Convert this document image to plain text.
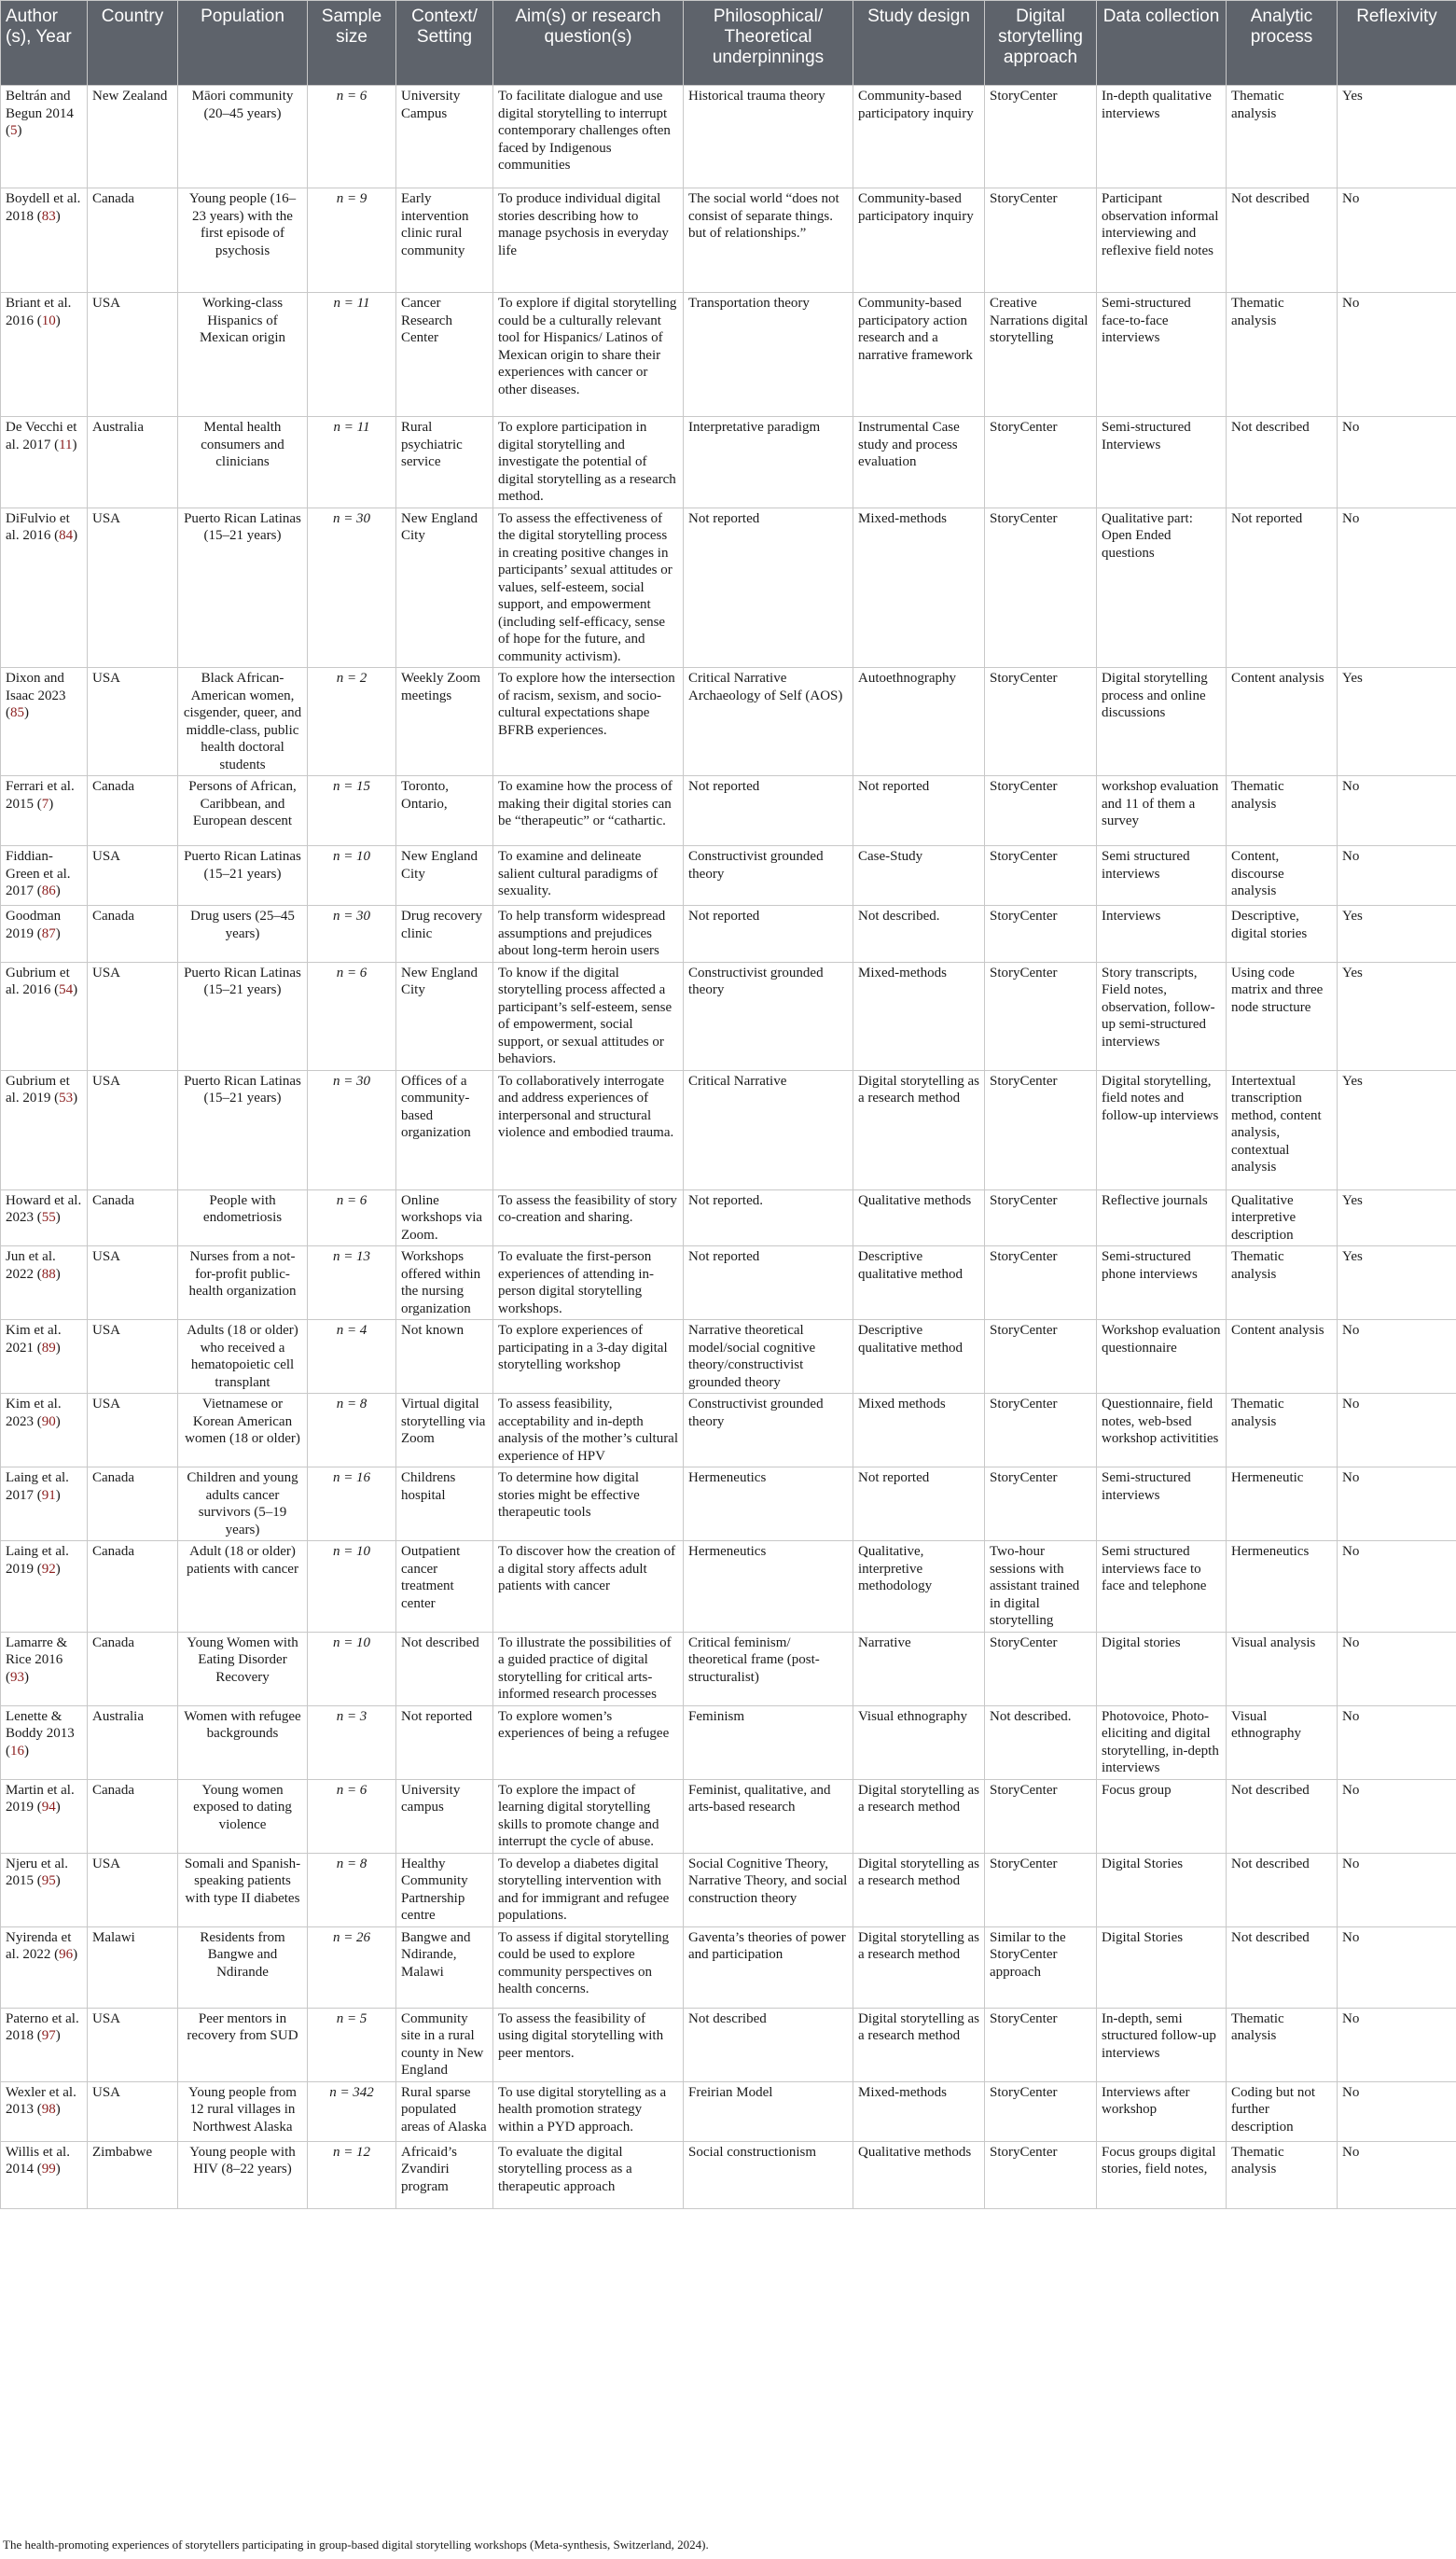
Author (s), Year	Country	Population	Sample size	Context/ Setting	Aim(s) or research question(s)	Philosophical/ Theoretical underpinnings	Study design	Digital storytelling approach	Data collection	Analytic process	Reflexivity
Beltrán and Begun 2014 (5)	New Zealand	Māori community (20–45 years)	n = 6	University Campus	To facilitate dialogue and use digital storytelling to interrupt contemporary challenges often faced by Indigenous communities	Historical trauma theory	Community-based participatory inquiry	StoryCenter	In-depth qualitative interviews	Thematic analysis	Yes
Boydell et al. 2018 (83)	Canada	Young people (16–23 years) with the first episode of psychosis	n = 9	Early intervention clinic rural community	To produce individual digital stories describing how to manage psychosis in everyday life	The social world “does not consist of separate things. but of relationships.”	Community-based participatory inquiry	StoryCenter	Participant observation informal interviewing and reflexive field notes	Not described	No
Briant et al. 2016 (10)	USA	Working-class Hispanics of Mexican origin	n = 11	Cancer Research Center	To explore if digital storytelling could be a culturally relevant tool for Hispanics/ Latinos of Mexican origin to share their experiences with cancer or other diseases.	Transportation theory	Community-based participatory action research and a narrative framework	Creative Narrations digital storytelling	Semi-structured face-to-face interviews	Thematic analysis	No
De Vecchi et al. 2017 (11)	Australia	Mental health consumers and clinicians	n = 11	Rural psychiatric service	To explore participation in digital storytelling and investigate the potential of digital storytelling as a research method.	Interpretative paradigm	Instrumental Case study and process evaluation	StoryCenter	Semi-structured Interviews	Not described	No
DiFulvio et al. 2016 (84)	USA	Puerto Rican Latinas (15–21 years)	n = 30	New England City	To assess the effectiveness of the digital storytelling process in creating positive changes in participants’ sexual attitudes or values, self-esteem, social support, and empowerment (including self-efficacy, sense of hope for the future, and community activism).	Not reported	Mixed-methods	StoryCenter	Qualitative part: Open Ended questions	Not reported	No
Dixon and Isaac 2023 (85)	USA	Black African-American women, cisgender, queer, and middle-class, public health doctoral students	n = 2	Weekly Zoom meetings	To explore how the intersection of racism, sexism, and socio-cultural expectations shape BFRB experiences.	Critical Narrative Archaeology of Self (AOS)	Autoethnography	StoryCenter	Digital storytelling process and online discussions	Content analysis	Yes
Ferrari et al. 2015 (7)	Canada	Persons of African, Caribbean, and European descent	n = 15	Toronto, Ontario,	To examine how the process of making their digital stories can be “therapeutic” or “cathartic.	Not reported	Not reported	StoryCenter	workshop evaluation and 11 of them a survey	Thematic analysis	No
Fiddian-Green et al. 2017 (86)	USA	Puerto Rican Latinas (15–21 years)	n = 10	New England City	To examine and delineate salient cultural paradigms of sexuality.	Constructivist grounded theory	Case-Study	StoryCenter	Semi structured interviews	Content, discourse analysis	No
Goodman 2019 (87)	Canada	Drug users (25–45 years)	n = 30	Drug recovery clinic	To help transform widespread assumptions and prejudices about long-term heroin users	Not reported	Not described.	StoryCenter	Interviews	Descriptive, digital stories	Yes
Gubrium et al. 2016 (54)	USA	Puerto Rican Latinas (15–21 years)	n = 6	New England City	To know if the digital storytelling process affected a participant’s self-esteem, sense of empowerment, social support, or sexual attitudes or behaviors.	Constructivist grounded theory	Mixed-methods	StoryCenter	Story transcripts, Field notes, observation, follow-up semi-structured interviews	Using code matrix and three node structure	Yes
Gubrium et al. 2019 (53)	USA	Puerto Rican Latinas (15–21 years)	n = 30	Offices of a community-based organization	To collaboratively interrogate and address experiences of interpersonal and structural violence and embodied trauma.	Critical Narrative	Digital storytelling as a research method	StoryCenter	Digital storytelling, field notes and follow-up interviews	Intertextual transcription method, content analysis, contextual analysis	Yes
Howard et al. 2023 (55)	Canada	People with endometriosis	n = 6	Online workshops via Zoom.	To assess the feasibility of story co-creation and sharing.	Not reported.	Qualitative methods	StoryCenter	Reflective journals	Qualitative interpretive description	Yes
Jun et al. 2022 (88)	USA	Nurses from a not-for-profit public-health organization	n = 13	Workshops offered within the nursing organization	To evaluate the first-person experiences of attending in-person digital storytelling workshops.	Not reported	Descriptive qualitative method	StoryCenter	Semi-structured phone interviews	Thematic analysis	Yes
Kim et al. 2021 (89)	USA	Adults (18 or older) who received a hematopoietic cell transplant	n = 4	Not known	To explore experiences of participating in a 3-day digital storytelling workshop	Narrative theoretical model/social cognitive theory/constructivist grounded theory	Descriptive qualitative method	StoryCenter	Workshop evaluation questionnaire	Content analysis	No
Kim et al. 2023 (90)	USA	Vietnamese or Korean American women (18 or older)	n = 8	Virtual digital storytelling via Zoom	To assess feasibility, acceptability and in-depth analysis of the mother’s cultural experience of HPV	Constructivist grounded theory	Mixed methods	StoryCenter	Questionnaire, field notes, web-bsed workshop activitities	Thematic analysis	No
Laing et al. 2017 (91)	Canada	Children and young adults cancer survivors (5–19 years)	n = 16	Childrens hospital	To determine how digital stories might be effective therapeutic tools	Hermeneutics	Not reported	StoryCenter	Semi-structured interviews	Hermeneutic	No
Laing et al. 2019 (92)	Canada	Adult (18 or older) patients with cancer	n = 10	Outpatient cancer treatment center	To discover how the creation of a digital story affects adult patients with cancer	Hermeneutics	Qualitative, interpretive methodology	Two-hour sessions with assistant trained in digital storytelling	Semi structured interviews face to face and telephone	Hermeneutics	No
Lamarre & Rice 2016 (93)	Canada	Young Women with Eating Disorder Recovery	n = 10	Not described	To illustrate the possibilities of a guided practice of digital storytelling for critical arts-informed research processes	Critical feminism/ theoretical frame (post-structuralist)	Narrative	StoryCenter	Digital stories	Visual analysis	No
Lenette & Boddy 2013 (16)	Australia	Women with refugee backgrounds	n = 3	Not reported	To explore women’s experiences of being a refugee	Feminism	Visual ethnography	Not described.	Photovoice, Photo-eliciting and digital storytelling, in-depth interviews	Visual ethnography	No
Martin et al. 2019 (94)	Canada	Young women exposed to dating violence	n = 6	University campus	To explore the impact of learning digital storytelling skills to promote change and interrupt the cycle of abuse.	Feminist, qualitative, and arts-based research	Digital storytelling as a research method	StoryCenter	Focus group	Not described	No
Njeru et al. 2015 (95)	USA	Somali and Spanish-speaking patients with type II diabetes	n = 8	Healthy Community Partnership centre	To develop a diabetes digital storytelling intervention with and for immigrant and refugee populations.	Social Cognitive Theory, Narrative Theory, and social construction theory	Digital storytelling as a research method	StoryCenter	Digital Stories	Not described	No
Nyirenda et al. 2022 (96)	Malawi	Residents from Bangwe and Ndirande	n = 26	Bangwe and Ndirande, Malawi	To assess if digital storytelling could be used to explore community perspectives on health concerns.	Gaventa’s theories of power and participation	Digital storytelling as a research method	Similar to the StoryCenter approach	Digital Stories	Not described	No
Paterno et al. 2018 (97)	USA	Peer mentors in recovery from SUD	n = 5	Community site in a rural county in New England	To assess the feasibility of using digital storytelling with peer mentors.	Not described	Digital storytelling as a research method	StoryCenter	In-depth, semi structured follow-up interviews	Thematic analysis	No
Wexler et al. 2013 (98)	USA	Young people from 12 rural villages in Northwest Alaska	n = 342	Rural sparse populated areas of Alaska	To use digital storytelling as a health promotion strategy within a PYD approach.	Freirian Model	Mixed-methods	StoryCenter	Interviews after workshop	Coding but not further description	No
Willis et al. 2014 (99)	Zimbabwe	Young people with HIV (8–22 years)	n = 12	Africaid’s Zvandiri program	To evaluate the digital storytelling process as a therapeutic approach	Social constructionism	Qualitative methods	StoryCenter	Focus groups digital stories, field notes,	Thematic analysis	No
The health-promoting experiences of storytellers participating in group-based digital storytelling workshops (Meta-synthesis, Switzerland, 2024).
